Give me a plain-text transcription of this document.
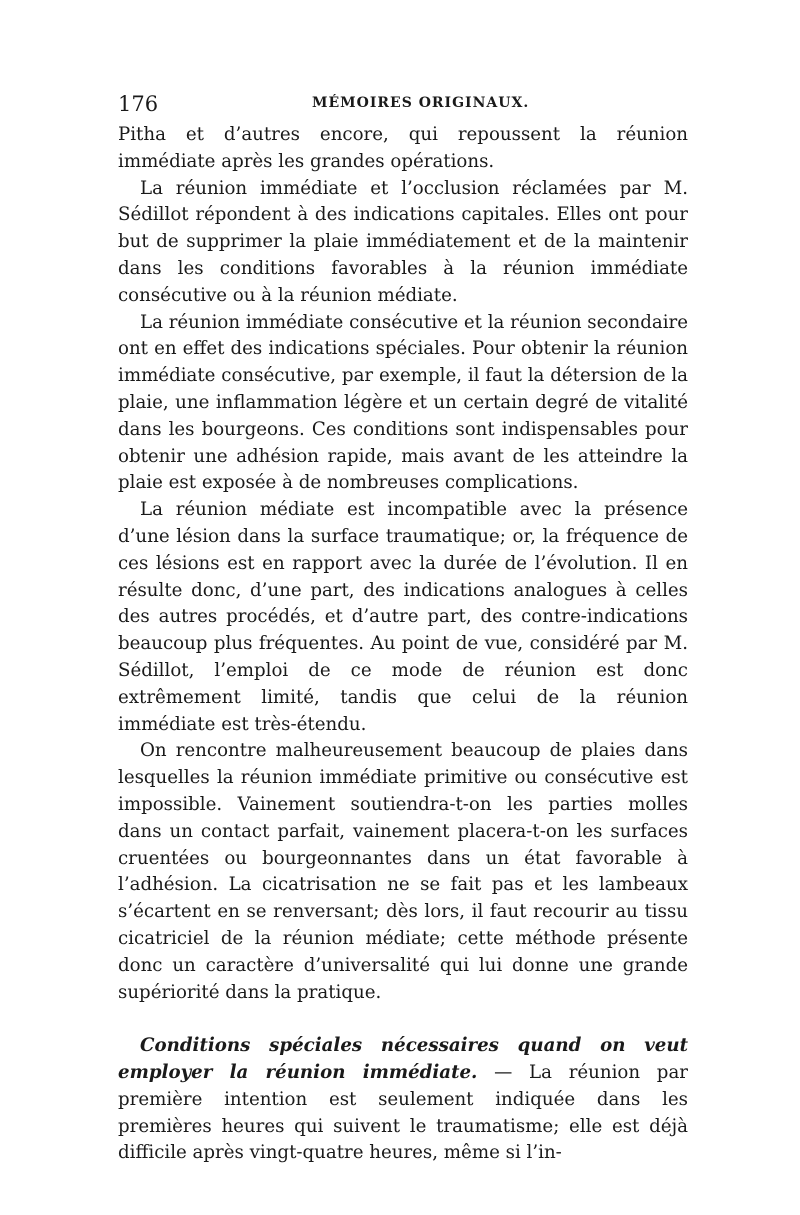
176	MÉMOIRES ORIGINAUX.

Pitha et d’autres encore, qui repoussent la réunion immédiate après les grandes opérations.

La réunion immédiate et l’occlusion réclamées par M. Sédillot répondent à des indications capitales. Elles ont pour but de supprimer la plaie immédiatement et de la maintenir dans les conditions favorables à la réunion immédiate consécutive ou à la réunion médiate.

La réunion immédiate consécutive et la réunion secondaire ont en effet des indications spéciales. Pour obtenir la réunion immédiate consécutive, par exemple, il faut la détersion de la plaie, une inflammation légère et un certain degré de vitalité dans les bourgeons. Ces conditions sont indispensables pour obtenir une adhésion rapide, mais avant de les atteindre la plaie est exposée à de nombreuses complications.

La réunion médiate est incompatible avec la présence d’une lésion dans la surface traumatique; or, la fréquence de ces lésions est en rapport avec la durée de l’évolution. Il en résulte donc, d’une part, des indications analogues à celles des autres procédés, et d’autre part, des contre-indications beaucoup plus fréquentes. Au point de vue, considéré par M. Sédillot, l’emploi de ce mode de réunion est donc extrêmement limité, tandis que celui de la réunion immédiate est très-étendu.

On rencontre malheureusement beaucoup de plaies dans lesquelles la réunion immédiate primitive ou consécutive est impossible. Vainement soutiendra-t-on les parties molles dans un contact parfait, vainement placera-t-on les surfaces cruentées ou bourgeonnantes dans un état favorable à l’adhésion. La cicatrisation ne se fait pas et les lambeaux s’écartent en se renversant; dès lors, il faut recourir au tissu cicatriciel de la réunion médiate; cette méthode présente donc un caractère d’universalité qui lui donne une grande supériorité dans la pratique.

Conditions spéciales nécessaires quand on veut employer la réunion immédiate. — La réunion par première intention est seulement indiquée dans les premières heures qui suivent le traumatisme; elle est déjà difficile après vingt-quatre heures, même si l’in-
